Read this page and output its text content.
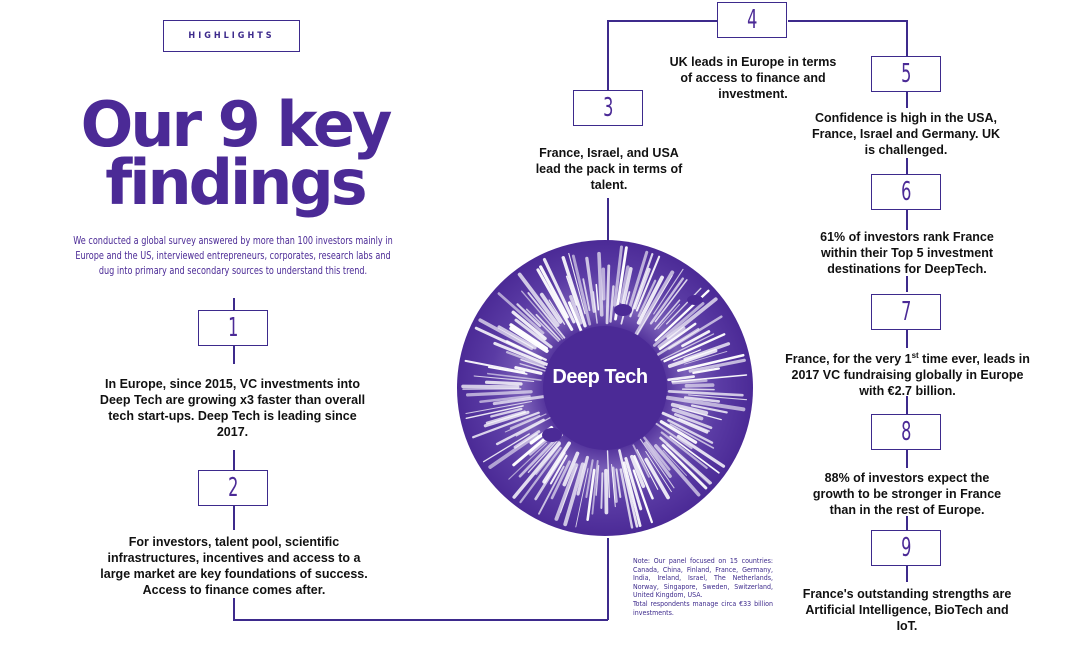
HIGHLIGHTS
Our 9 key
findings
We conducted a global survey answered by more than 100 investors mainly in Europe and the US, interviewed entrepreneurs, corporates, research labs and dug into primary and secondary sources to understand this trend.
Deep Tech
1
In Europe, since 2015, VC investments into Deep Tech are growing x3 faster than overall tech start-ups. Deep Tech is leading since 2017.
2
For investors, talent pool, scientific infrastructures, incentives and access to a large market are key foundations of success. Access to finance comes after.
3
France, Israel, and USA lead the pack in terms of talent.
4
UK leads in Europe in terms of access to finance and investment.
5
Confidence is high in the USA, France, Israel and Germany. UK is challenged.
6
61% of investors rank France within their Top 5 investment destinations for DeepTech.
7
France, for the very 1st time ever, leads in 2017 VC fundraising globally in Europe with €2.7 billion.
8
88% of investors expect the growth to be stronger in France than in the rest of Europe.
9
France's outstanding strengths are Artificial Intelligence, BioTech and IoT.
Note: Our panel focused on 15 countries: Canada, China, Finland, France, Germany, India, Ireland, Israel, The Netherlands, Norway, Singapore, Sweden, Switzerland, United Kingdom, USA.
Total respondents manage circa €33 billion investments.
